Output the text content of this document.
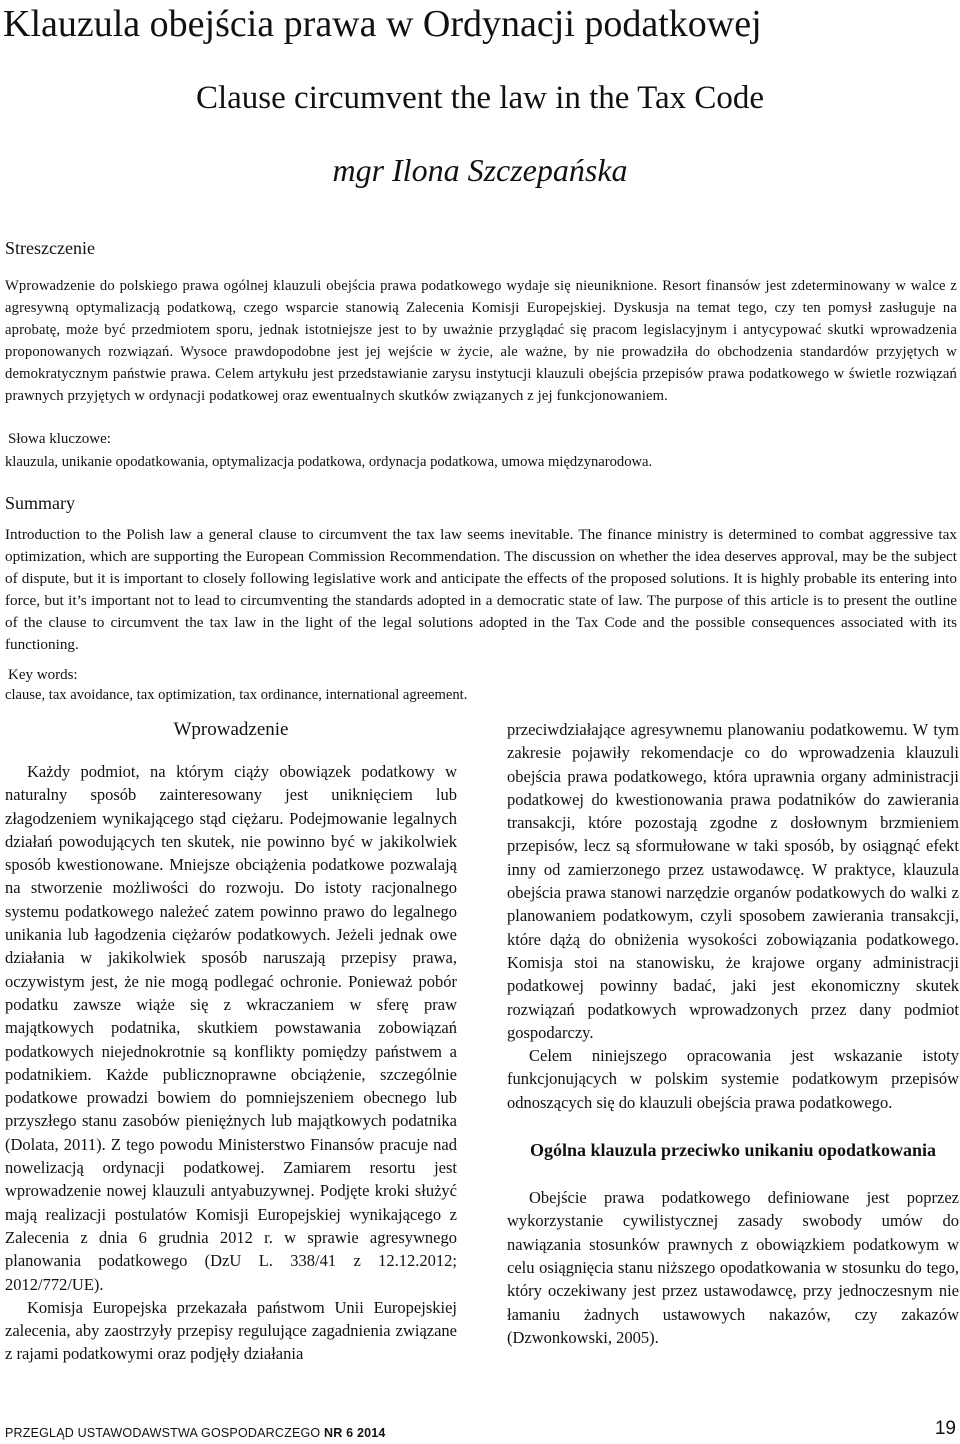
Klauzula obejścia prawa w Ordynacji podatkowej
Clause circumvent the law in the Tax Code
mgr Ilona Szczepańska
Streszczenie

Wprowadzenie do polskiego prawa ogólnej klauzuli obejścia prawa podatkowego wydaje się nieuniknione. Resort finansów jest zdeterminowany w walce z agresywną optymalizacją podatkową, czego wsparcie stanowią Zalecenia Komisji Europejskiej. Dyskusja na temat tego, czy ten pomysł zasługuje na aprobatę, może być przedmiotem sporu, jednak istotniejsze jest to by uważnie przyglądać się pracom legislacyjnym i antycypować skutki wprowadzenia proponowanych rozwiązań. Wysoce prawdopodobne jest jej wejście w życie, ale ważne, by nie prowadziła do obchodzenia standardów przyjętych w demokratycznym państwie prawa. Celem artykułu jest przedstawianie zarysu instytucji klauzuli obejścia przepisów prawa podatkowego w świetle rozwiązań prawnych przyjętych w ordynacji podatkowej oraz ewentualnych skutków związanych z jej funkcjonowaniem.

Słowa kluczowe:
klauzula, unikanie opodatkowania, optymalizacja podatkowa, ordynacja podatkowa, umowa międzynarodowa.
Summary

Introduction to the Polish law a general clause to circumvent the tax law seems inevitable. The finance ministry is determined to combat aggressive tax optimization, which are supporting the European Commission Recommendation. The discussion on whether the idea deserves approval, may be the subject of dispute, but it is important to closely following legislative work and anticipate the effects of the proposed solutions. It is highly probable its entering into force, but it’s important not to lead to circumventing the standards adopted in a democratic state of law. The purpose of this article is to present the outline of the clause to circumvent the tax law in the light of the legal solutions adopted in the Tax Code and the possible consequences associated with its functioning.

Key words:
clause, tax avoidance, tax optimization, tax ordinance, international agreement.
Wprowadzenie

Każdy podmiot, na którym ciąży obowiązek podatkowy w naturalny sposób zainteresowany jest uniknięciem lub złagodzeniem wynikającego stąd ciężaru. Podejmowanie legalnych działań powodujących ten skutek, nie powinno być w jakikolwiek sposób kwestionowane. Mniejsze obciążenia podatkowe pozwalają na stworzenie możliwości do rozwoju. Do istoty racjonalnego systemu podatkowego należeć zatem powinno prawo do legalnego unikania lub łagodzenia ciężarów podatkowych. Jeżeli jednak owe działania w jakikolwiek sposób naruszają przepisy prawa, oczywistym jest, że nie mogą podlegać ochronie. Ponieważ pobór podatku zawsze wiąże się z wkraczaniem w sferę praw majątkowych podatnika, skutkiem powstawania zobowiązań podatkowych niejednokrotnie są konflikty pomiędzy państwem a podatnikiem. Każde publicznoprawne obciążenie, szczególnie podatkowe prowadzi bowiem do pomniejszeniem obecnego lub przyszłego stanu zasobów pieniężnych lub majątkowych podatnika (Dolata, 2011). Z tego powodu Ministerstwo Finansów pracuje nad nowelizacją ordynacji podatkowej. Zamiarem resortu jest wprowadzenie nowej klauzuli antyabuzywnej. Podjęte kroki służyć mają realizacji postulatów Komisji Europejskiej wynikającego z Zalecenia z dnia 6 grudnia 2012 r. w sprawie agresywnego planowania podatkowego (DzU L. 338/41 z 12.12.2012; 2012/772/UE).

Komisja Europejska przekazała państwom Unii Europejskiej zalecenia, aby zaostrzyły przepisy regulujące zagadnienia związane z rajami podatkowymi oraz podjęły działania

przeciwdziałające agresywnemu planowaniu podatkowemu. W tym zakresie pojawiły rekomendacje co do wprowadzenia klauzuli obejścia prawa podatkowego, która uprawnia organy administracji podatkowej do kwestionowania prawa podatników do zawierania transakcji, które pozostają zgodne z dosłownym brzmieniem przepisów, lecz są sformułowane w taki sposób, by osiągnąć efekt inny od zamierzonego przez ustawodawcę. W praktyce, klauzula obejścia prawa stanowi narzędzie organów podatkowych do walki z planowaniem podatkowym, czyli sposobem zawierania transakcji, które dążą do obniżenia wysokości zobowiązania podatkowego. Komisja stoi na stanowisku, że krajowe organy administracji podatkowej powinny badać, jaki jest ekonomiczny skutek rozwiązań podatkowych wprowadzonych przez dany podmiot gospodarczy.

Celem niniejszego opracowania jest wskazanie istoty funkcjonujących w polskim systemie podatkowym przepisów odnoszących się do klauzuli obejścia prawa podatkowego.

Ogólna klauzula przeciwko unikaniu opodatkowania

Obejście prawa podatkowego definiowane jest poprzez wykorzystanie cywilistycznej zasady swobody umów do nawiązania stosunków prawnych z obowiązkiem podatkowym w celu osiągnięcia stanu niższego opodatkowania w stosunku do tego, który oczekiwany jest przez ustawodawcę, przy jednoczesnym nie łamaniu żadnych ustawowych nakazów, czy zakazów (Dzwonkowski, 2005).

PRZEGLĄD USTAWODAWSTWA GOSPODARCZEGO NR 6 2014	19
